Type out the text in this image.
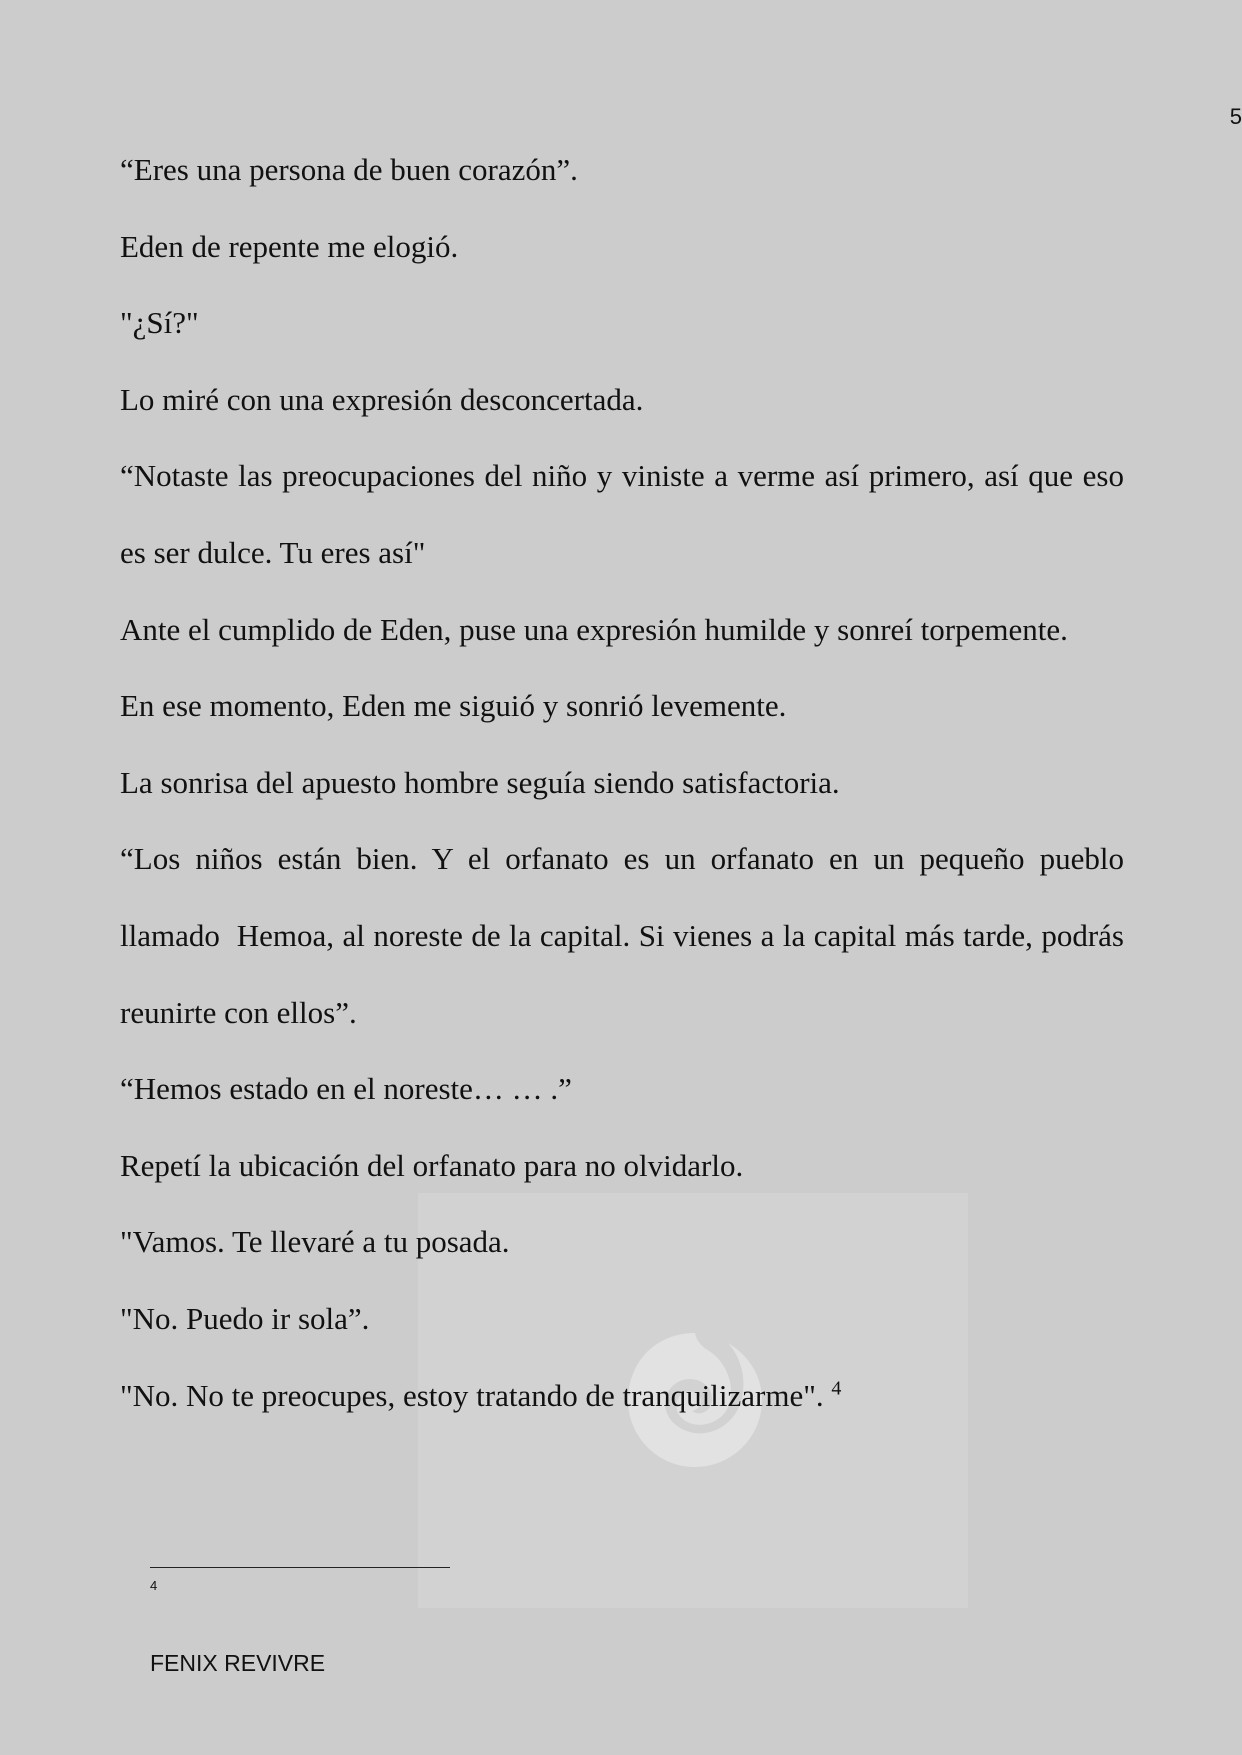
5

“Eres una persona de buen corazón”.

Eden de repente me elogió.

"¿Sí?"

Lo miré con una expresión desconcertada.

“Notaste las preocupaciones del niño y viniste a verme así primero, así que eso es ser dulce. Tu eres así"

Ante el cumplido de Eden, puse una expresión humilde y sonreí torpemente.

En ese momento, Eden me siguió y sonrió levemente.

La sonrisa del apuesto hombre seguía siendo satisfactoria.

“Los niños están bien. Y el orfanato es un orfanato en un pequeño pueblo llamado  Hemoa, al noreste de la capital. Si vienes a la capital más tarde, podrás reunirte con ellos”.

“Hemos estado en el noreste… … .”

Repetí la ubicación del orfanato para no olvidarlo.

"Vamos. Te llevaré a tu posada.

"No. Puedo ir sola”.

"No. No te preocupes, estoy tratando de tranquilizarme". $^4$

4
FENIX REVIVRE
